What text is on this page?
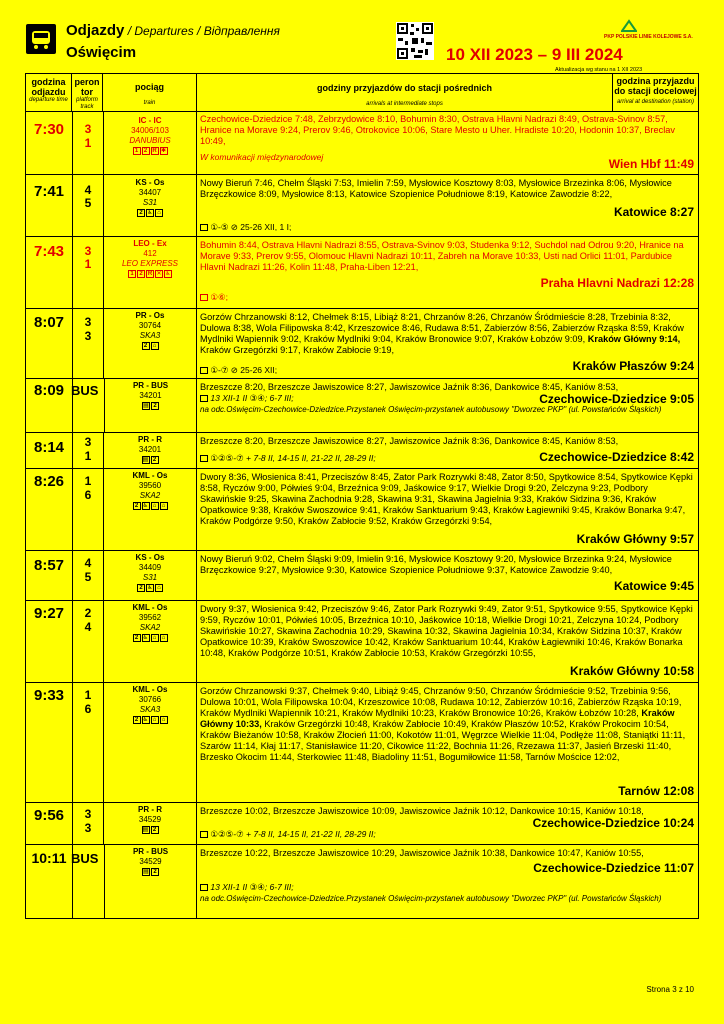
Odjazdy / Departures / Відправлення
Oświęcim
PKP POLSKIE LINIE KOLEJOWE S.A.
10 XII 2023 – 9 III 2024
Aktualizacja wg stanu na 1 XII 2023
godzina odjazdu
departure time
peron tor
platform track
pociąg
train
godziny przyjazdów do stacji pośrednich
arrivals at intermediate stops
godzina przyjazdu do stacji docelowej
arrival at destination (station)
7:30	3
1
IC - IC
34006/103
DANUBIUS
1 2 R ✱
Czechowice-Dziedzice 7:48, Zebrzydowice 8:10, Bohumin 8:30, Ostrava Hlavni Nadrazi 8:49, Ostrava-Svinov 8:57, Hranice na Morave 9:24, Prerov 9:46, Otrokovice 10:06, Stare Mesto u Uher. Hradiste 10:20, Hodonin 10:37, Breclav 10:49,
W komunikacji międzynarodowej	Wien Hbf 11:49
7:41	4
5
KS - Os
34407
S31
2 ♿ ⌂
Nowy Bieruń 7:46, Chełm Śląski 7:53, Imielin 7:59, Mysłowice Kosztowy 8:03, Mysłowice Brzezinka 8:06, Mysłowice Brzęczkowice 8:09, Mysłowice 8:13, Katowice Szopienice Południowe 8:19, Katowice Zawodzie 8:22,
①-⑤ ⊘ 25-26 XII, 1 I;
Katowice 8:27
7:43	3
1
LEO - Ex
412
LEO EXPRESS
1 2 R ✕ ♿
Bohumin 8:44, Ostrava Hlavni Nadrazi 8:55, Ostrava-Svinov 9:03, Studenka 9:12, Suchdol nad Odrou 9:20, Hranice na Morave 9:33, Prerov 9:55, Olomouc Hlavni Nadrazi 10:11, Zabreh na Morave 10:33, Usti nad Orlici 11:01, Pardubice Hlavni Nadrazi 11:26, Kolin 11:48, Praha-Liben 12:21,
①⑥;
Praha Hlavni Nadrazi 12:28
8:07	3
3
PR - Os
30764
SKA3
2 ⌂
Gorzów Chrzanowski 8:12, Chełmek 8:15, Libiąż 8:21, Chrzanów 8:26, Chrzanów Śródmieście 8:28, Trzebinia 8:32, Dulowa 8:38, Wola Filipowska 8:42, Krzeszowice 8:46, Rudawa 8:51, Zabierzów 8:56, Zabierzów Rząska 8:59, Kraków Mydlniki Wapiennik 9:02, Kraków Mydlniki 9:04, Kraków Bronowice 9:07, Kraków Łobzów 9:09, Kraków Główny 9:14, Kraków Grzegórzki 9:17, Kraków Zabłocie 9:19,
①-⑦ ⊘ 25-26 XII;	Kraków Płaszów 9:24
8:09 BUS	PR - BUS
34201
▤ 2
Brzeszcze 8:20, Brzeszcze Jawiszowice 8:27, Jawiszowice Jaźnik 8:36, Dankowice 8:45, Kaniów 8:53,
13 XII-1 II ③④; 6-7 III;
na odc.Oświęcim-Czechowice-Dziedzice.Przystanek Oświęcim-przystanek autobusowy "Dworzec PKP" (ul. Powstańców Śląskich)
Czechowice-Dziedzice 9:05
8:14	3
1
PR - R
34201
▤ 2
Brzeszcze 8:20, Brzeszcze Jawiszowice 8:27, Jawiszowice Jaźnik 8:36, Dankowice 8:45, Kaniów 8:53,
①②⑤-⑦ + 7-8 II, 14-15 II, 21-22 II, 28-29 II;	Czechowice-Dziedzice 8:42
8:26	1
6
KML - Os
39560
SKA2
2 ♿ ⌂ ⌂
Dwory 8:36, Włosienica 8:41, Przeciszów 8:45, Zator Park Rozrywki 8:48, Zator 8:50, Spytkowice 8:54, Spytkowice Kępki 8:58, Ryczów 9:00, Półwieś 9:04, Brzeźnica 9:09, Jaśkowice 9:17, Wielkie Drogi 9:20, Zelczyna 9:23, Podbory Skawińskie 9:25, Skawina Zachodnia 9:28, Skawina 9:31, Skawina Jagielnia 9:33, Kraków Sidzina 9:36, Kraków Opatkowice 9:38, Kraków Swoszowice 9:41, Kraków Sanktuarium 9:43, Kraków Łagiewniki 9:45, Kraków Bonarka 9:47, Kraków Podgórze 9:50, Kraków Zabłocie 9:52, Kraków Grzegórzki 9:54,
Kraków Główny 9:57
8:57	4
5
KS - Os
34409
S31
2 ♿ ⌂
Nowy Bieruń 9:02, Chełm Śląski 9:09, Imielin 9:16, Mysłowice Kosztowy 9:20, Mysłowice Brzezinka 9:24, Mysłowice Brzęczkowice 9:27, Mysłowice 9:30, Katowice Szopienice Południowe 9:37, Katowice Zawodzie 9:40,
Katowice 9:45
9:27	2
4
KML - Os
39562
SKA2
2 ♿ ⌂ ⌂
Dwory 9:37, Włosienica 9:42, Przeciszów 9:46, Zator Park Rozrywki 9:49, Zator 9:51, Spytkowice 9:55, Spytkowice Kępki 9:59, Ryczów 10:01, Półwieś 10:05, Brzeźnica 10:10, Jaśkowice 10:18, Wielkie Drogi 10:21, Zelczyna 10:24, Podbory Skawińskie 10:27, Skawina Zachodnia 10:29, Skawina 10:32, Skawina Jagielnia 10:34, Kraków Sidzina 10:37, Kraków Opatkowice 10:39, Kraków Swoszowice 10:42, Kraków Sanktuarium 10:44, Kraków Łagiewniki 10:46, Kraków Bonarka 10:48, Kraków Podgórze 10:51, Kraków Zabłocie 10:53, Kraków Grzegórzki 10:55,
Kraków Główny 10:58
9:33	1
6
KML - Os
30766
SKA3
2 ♿ ⌂ ⌂
Gorzów Chrzanowski 9:37, Chełmek 9:40, Libiąż 9:45, Chrzanów 9:50, Chrzanów Śródmieście 9:52, Trzebinia 9:56, Dulowa 10:01, Wola Filipowska 10:04, Krzeszowice 10:08, Rudawa 10:12, Zabierzów 10:16, Zabierzów Rząska 10:19, Kraków Mydlniki Wapiennik 10:21, Kraków Mydlniki 10:23, Kraków Bronowice 10:26, Kraków Łobzów 10:28, Kraków Główny 10:33, Kraków Grzegórzki 10:48, Kraków Zabłocie 10:49, Kraków Płaszów 10:52, Kraków Prokocim 10:54, Kraków Bieżanów 10:58, Kraków Złocień 11:00, Kokotów 11:01, Węgrzce Wielkie 11:04, Podłęże 11:08, Staniątki 11:11, Szarów 11:14, Kłaj 11:17, Stanisławice 11:20, Cikowice 11:22, Bochnia 11:26, Rzezawa 11:37, Jasień Brzeski 11:40, Brzesko Okocim 11:44, Sterkowiec 11:48, Biadoliny 11:51, Bogumiłowice 11:58, Tarnów Mościce 12:02,
Tarnów 12:08
9:56	3
3
PR - R
34529
▤ 2
Brzeszcze 10:02, Brzeszcze Jawiszowice 10:09, Jawiszowice Jaźnik 10:12, Dankowice 10:15, Kaniów 10:18,
①②⑤-⑦ + 7-8 II, 14-15 II, 21-22 II, 28-29 II;
Czechowice-Dziedzice 10:24
10:11 BUS	PR - BUS
34529
▤ 2
Brzeszcze 10:22, Brzeszcze Jawiszowice 10:29, Jawiszowice Jaźnik 10:38, Dankowice 10:47, Kaniów 10:55,
13 XII-1 II ③④; 6-7 III;
na odc.Oświęcim-Czechowice-Dziedzice.Przystanek Oświęcim-przystanek autobusowy "Dworzec PKP" (ul. Powstańców Śląskich)
Czechowice-Dziedzice 11:07
Strona 3 z 10
